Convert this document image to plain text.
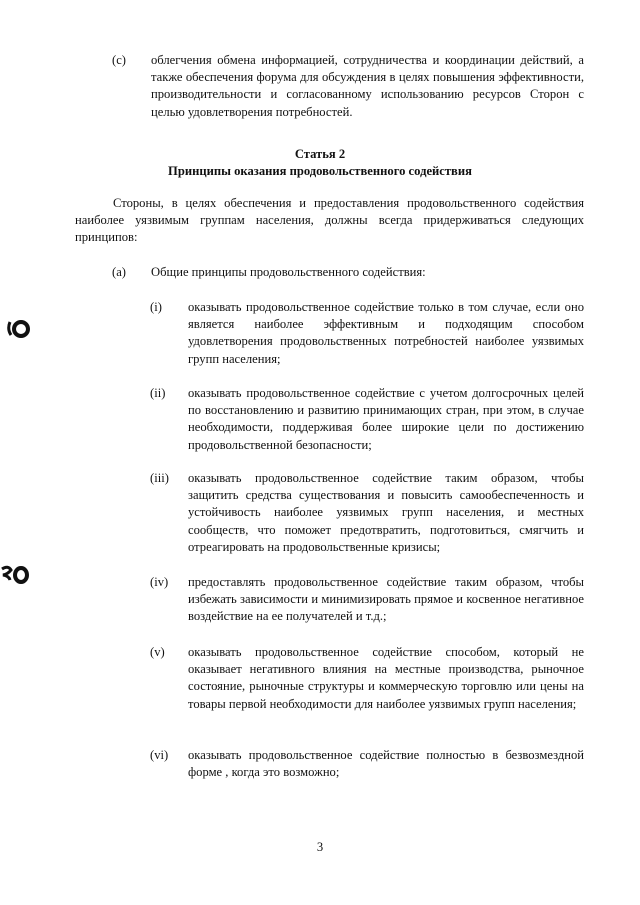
(c) облегчения обмена информацией, сотрудничества и координации действий, а также обеспечения форума для обсуждения в целях повышения эффективности, производительности и согласованному использованию ресурсов Сторон с целью удовлетворения потребностей.
Статья 2
Принципы оказания продовольственного содействия
Стороны, в целях обеспечения и предоставления продовольственного содействия наиболее уязвимым группам населения, должны всегда придерживаться следующих принципов:
(a) Общие принципы продовольственного содействия:
(i) оказывать продовольственное содействие только в том случае, если оно является наиболее эффективным и подходящим способом удовлетворения продовольственных потребностей наиболее уязвимых групп населения;
(ii) оказывать продовольственное содействие с учетом долгосрочных целей по восстановлению и развитию принимающих стран, при этом, в случае необходимости, поддерживая более широкие цели по достижению продовольственной безопасности;
(iii) оказывать продовольственное содействие таким образом, чтобы защитить средства существования и повысить самообеспеченность и устойчивость наиболее уязвимых групп населения, и местных сообществ, что поможет предотвратить, подготовиться, смягчить и отреагировать на продовольственные кризисы;
(iv) предоставлять продовольственное содействие таким образом, чтобы избежать зависимости и минимизировать прямое и косвенное негативное воздействие на ее получателей и т.д.;
(v) оказывать продовольственное содействие способом, который не оказывает негативного влияния на местные производства, рыночное состояние, рыночные структуры и коммерческую торговлю или цены на товары первой необходимости для наиболее уязвимых групп населения;
(vi) оказывать продовольственное содействие полностью в безвозмездной форме , когда это возможно;
3
